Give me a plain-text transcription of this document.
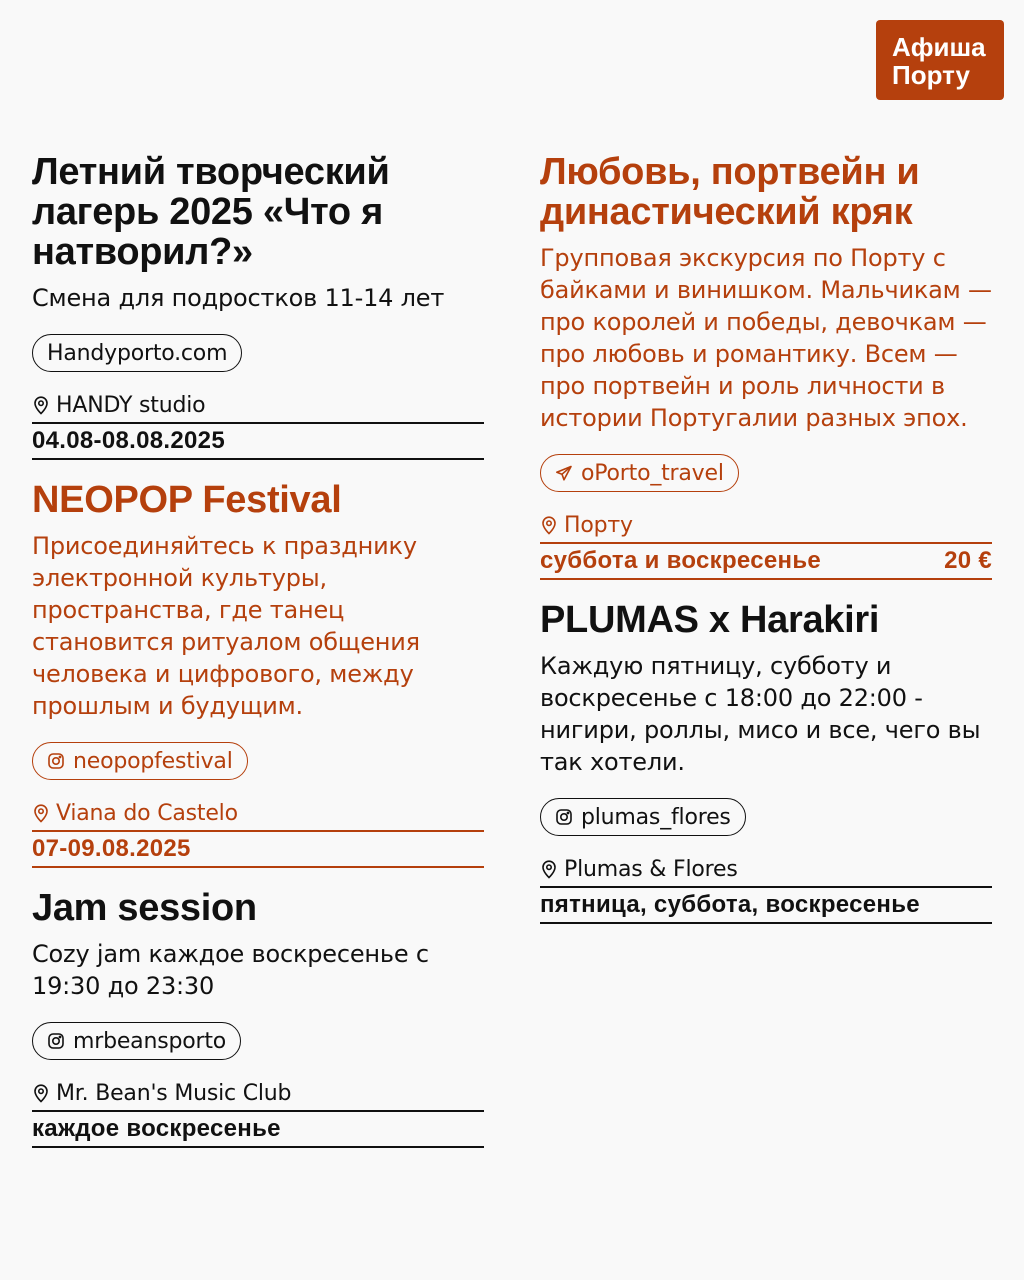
Афиша
Порту
Летний творческий лагерь 2025 «Что я натворил?»
Смена для подростков 11-14 лет
Handyporto.com
HANDY studio
04.08-08.08.2025
NEOPOP Festival
Присоединяйтесь к празднику электронной культуры, пространства, где танец становится ритуалом общения человека и цифрового, между прошлым и будущим.
neopopfestival
Viana do Castelo
07-09.08.2025
Jam session
Cozy jam каждое воскресенье с 19:30 до 23:30
mrbeansporto
Mr. Bean's Music Club
каждое воскресенье
Любовь, портвейн и династический кряк
Групповая экскурсия по Порту с байками и винишком. Мальчикам — про королей и победы, девочкам — про любовь и романтику. Всем — про портвейн и роль личности в истории Португалии разных эпох.
oPorto_travel
Порту
суббота и воскресенье	20 €
PLUMAS x Harakiri
Каждую пятницу, субботу и воскресенье с 18:00 до 22:00 - нигири, роллы, мисо и все, чего вы так хотели.
plumas_flores
Plumas & Flores
пятница, суббота, воскресенье
